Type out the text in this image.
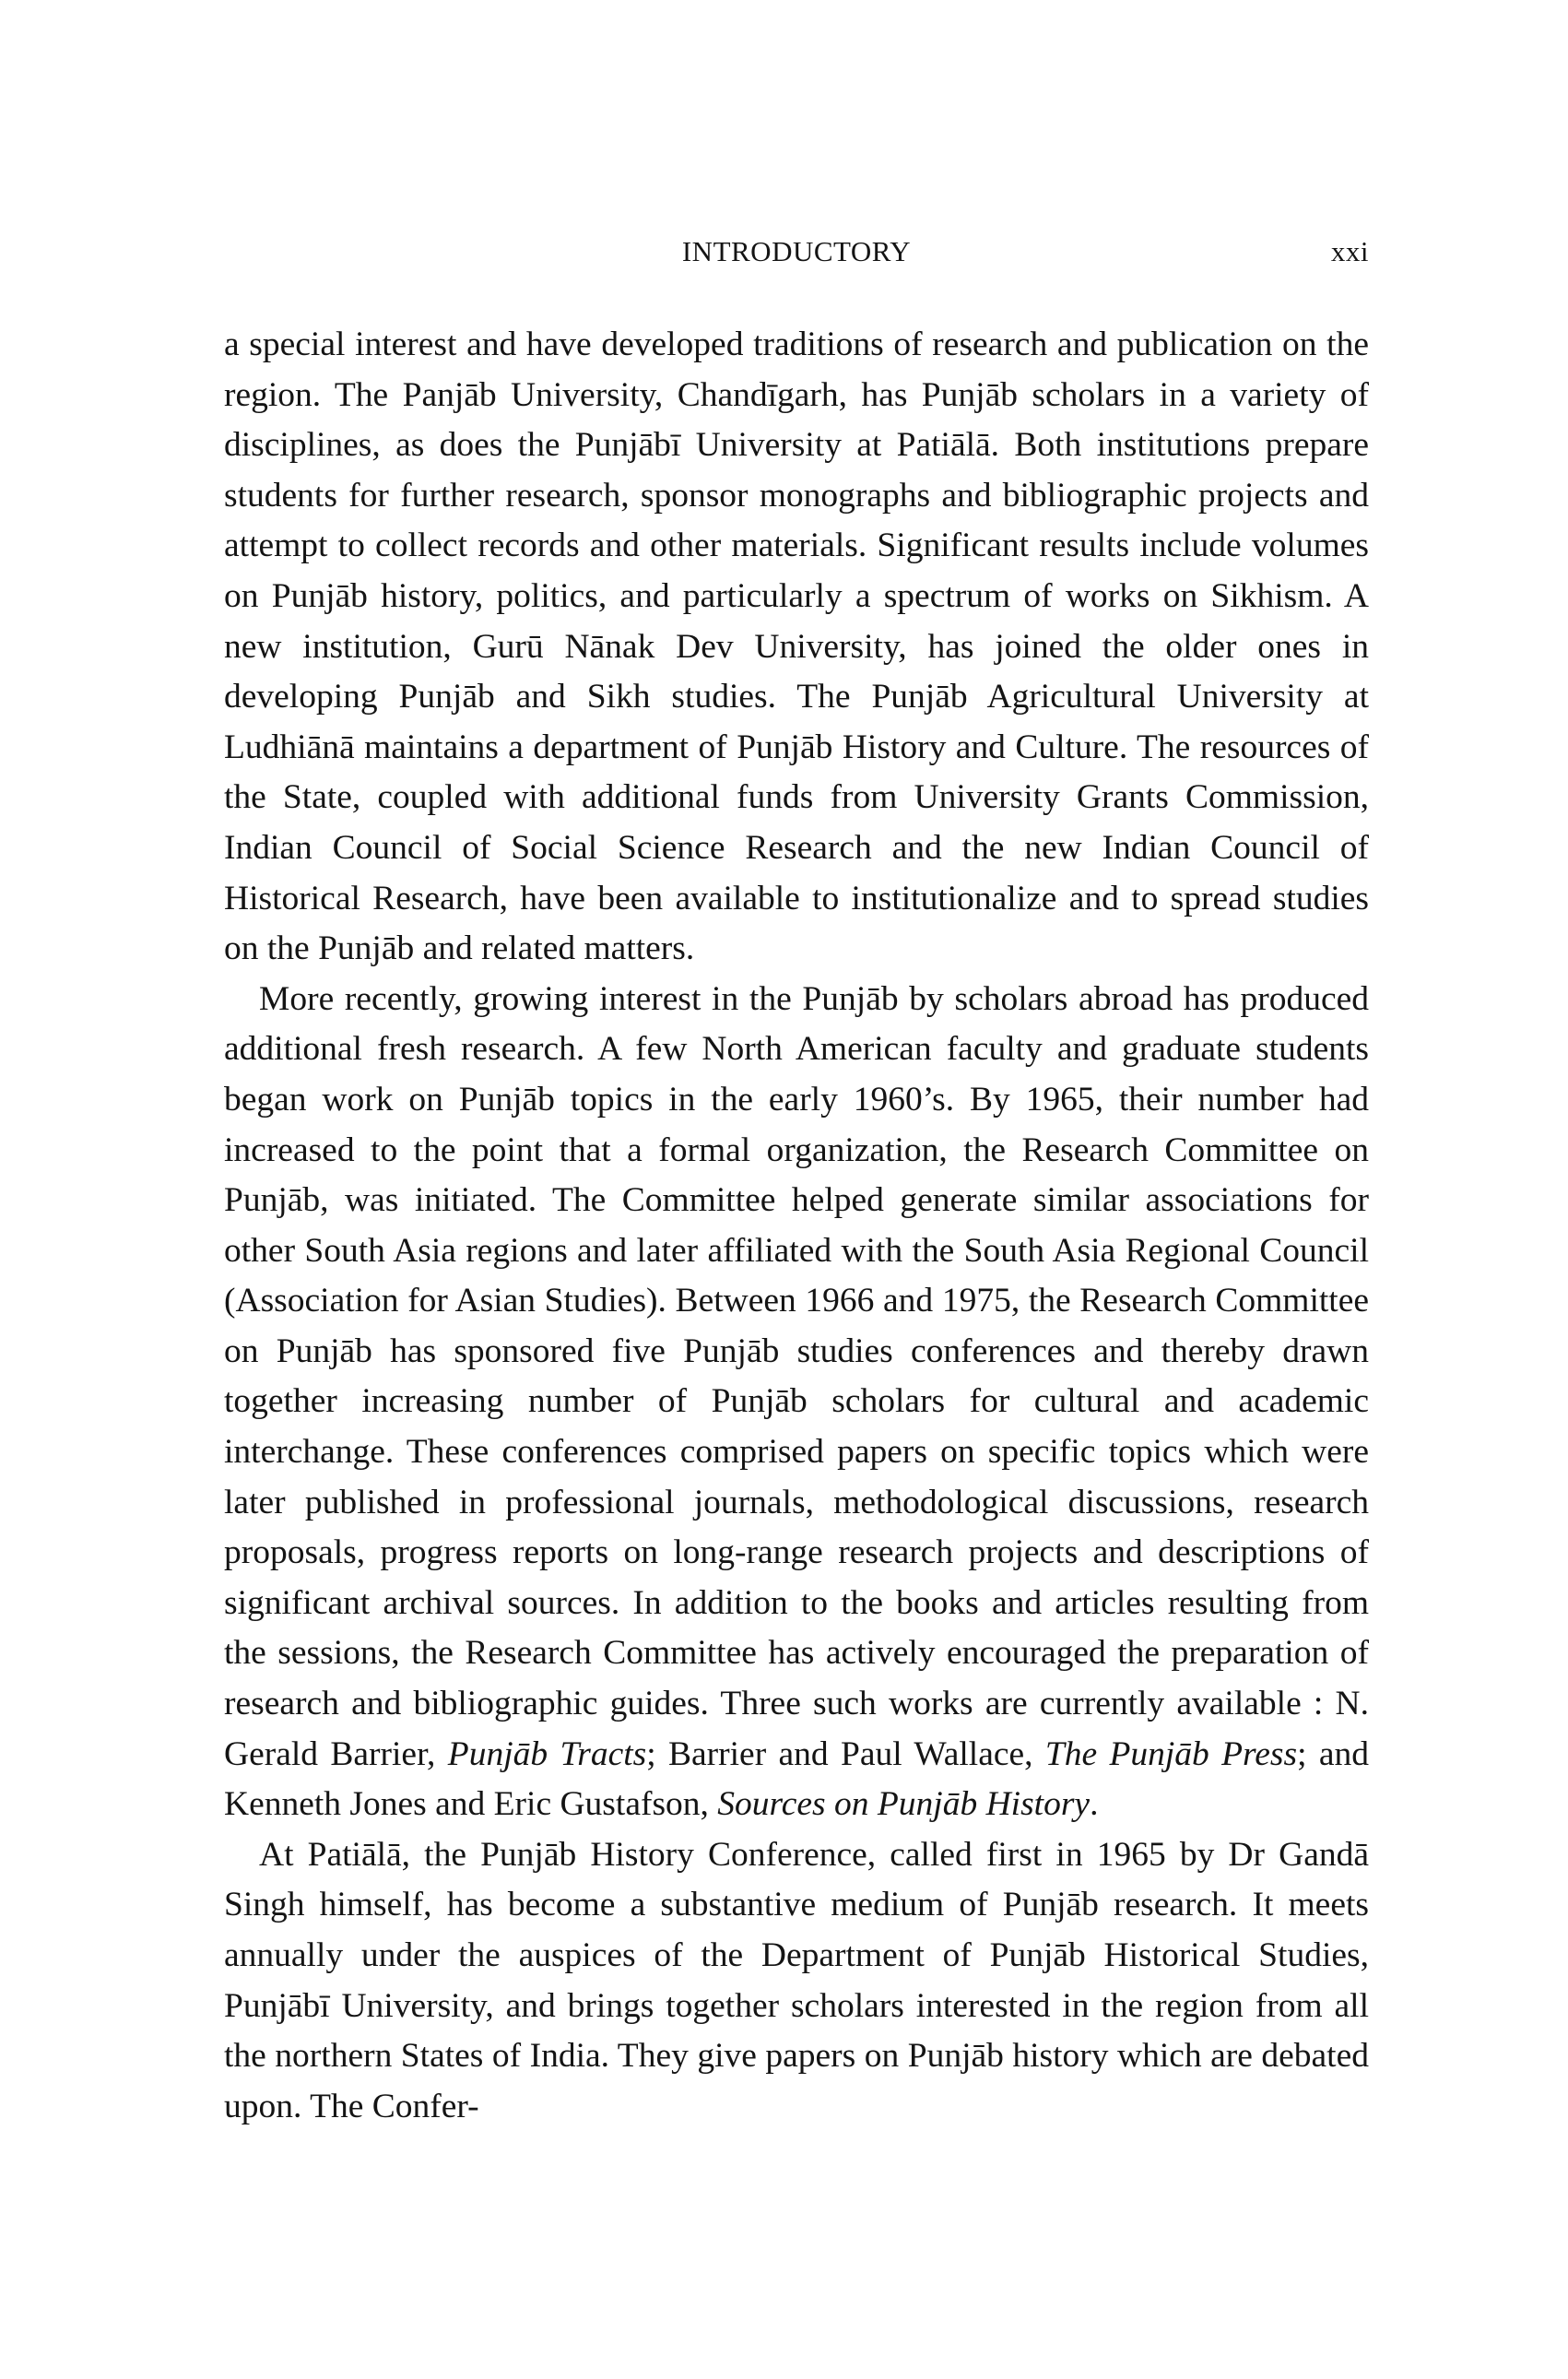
INTRODUCTORY	xxi

a special interest and have developed traditions of research and publication on the region. The Panjāb University, Chandīgarh, has Punjāb scholars in a variety of disciplines, as does the Punjābī University at Patiālā. Both institutions prepare students for further research, sponsor monographs and bibliographic projects and attempt to collect records and other materials. Significant results include volumes on Punjāb history, politics, and particularly a spectrum of works on Sikhism. A new institution, Gurū Nānak Dev University, has joined the older ones in developing Punjāb and Sikh studies. The Punjāb Agricultural University at Ludhiānā maintains a department of Punjāb History and Culture. The resources of the State, coupled with additional funds from University Grants Commission, Indian Council of Social Science Research and the new Indian Council of Historical Research, have been available to institutionalize and to spread studies on the Punjāb and related matters.

More recently, growing interest in the Punjāb by scholars abroad has produced additional fresh research. A few North American faculty and graduate students began work on Punjāb topics in the early 1960’s. By 1965, their number had increased to the point that a formal organization, the Research Committee on Punjāb, was initiated. The Committee helped generate similar associations for other South Asia regions and later affiliated with the South Asia Regional Council (Association for Asian Studies). Between 1966 and 1975, the Research Committee on Punjāb has sponsored five Punjāb studies conferences and thereby drawn together increasing number of Punjāb scholars for cultural and academic interchange. These conferences comprised papers on specific topics which were later published in professional journals, methodological discussions, research proposals, progress reports on long-range research projects and descriptions of significant archival sources. In addition to the books and articles resulting from the sessions, the Research Committee has actively encouraged the preparation of research and bibliographic guides. Three such works are currently available : N. Gerald Barrier, Punjāb Tracts; Barrier and Paul Wallace, The Punjāb Press; and Kenneth Jones and Eric Gustafson, Sources on Punjāb History.

At Patiālā, the Punjāb History Conference, called first in 1965 by Dr Gandā Singh himself, has become a substantive medium of Punjāb research. It meets annually under the auspices of the Department of Punjāb Historical Studies, Punjābī University, and brings together scholars interested in the region from all the northern States of India. They give papers on Punjāb history which are debated upon. The Confer-
